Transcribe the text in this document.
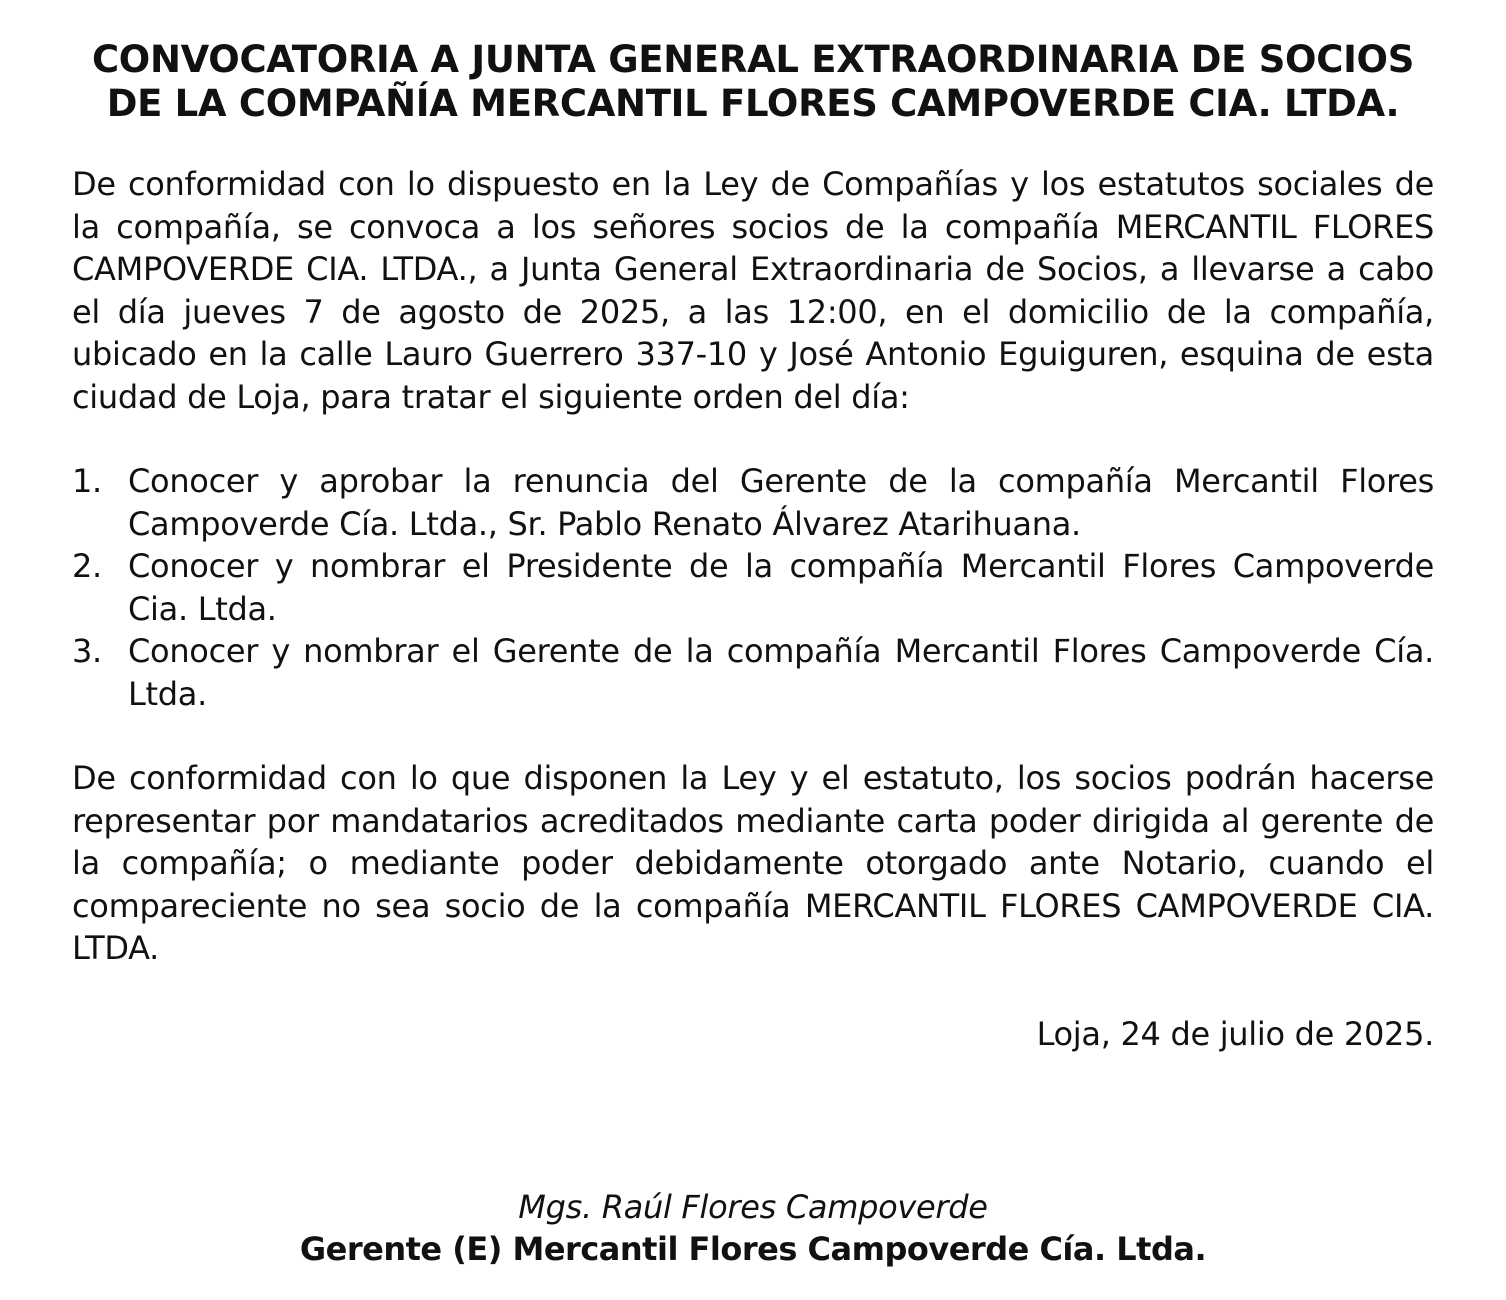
CONVOCATORIA A JUNTA GENERAL EXTRAORDINARIA DE SOCIOS
DE LA COMPAÑÍA MERCANTIL FLORES CAMPOVERDE CIA. LTDA.

De conformidad con lo dispuesto en la Ley de Compañías y los estatutos sociales de la compañía, se convoca a los señores socios de la compañía MERCANTIL FLORES CAMPOVERDE CIA. LTDA., a Junta General Extraordinaria de Socios, a llevarse a cabo el día jueves 7 de agosto de 2025, a las 12:00, en el domicilio de la compañía, ubicado en la calle Lauro Guerrero 337-10 y José Antonio Eguiguren, esquina de esta ciudad de Loja, para tratar el siguiente orden del día:

1. Conocer y aprobar la renuncia del Gerente de la compañía Mercantil Flores Campoverde Cía. Ltda., Sr. Pablo Renato Álvarez Atarihuana.
2. Conocer y nombrar el Presidente de la compañía Mercantil Flores Campoverde Cia. Ltda.
3. Conocer y nombrar el Gerente de la compañía Mercantil Flores Campoverde Cía. Ltda.

De conformidad con lo que disponen la Ley y el estatuto, los socios podrán hacerse representar por mandatarios acreditados mediante carta poder dirigida al gerente de la compañía; o mediante poder debidamente otorgado ante Notario, cuando el compareciente no sea socio de la compañía MERCANTIL FLORES CAMPOVERDE CIA. LTDA.

Loja, 24 de julio de 2025.

Mgs. Raúl Flores Campoverde
Gerente (E) Mercantil Flores Campoverde Cía. Ltda.
